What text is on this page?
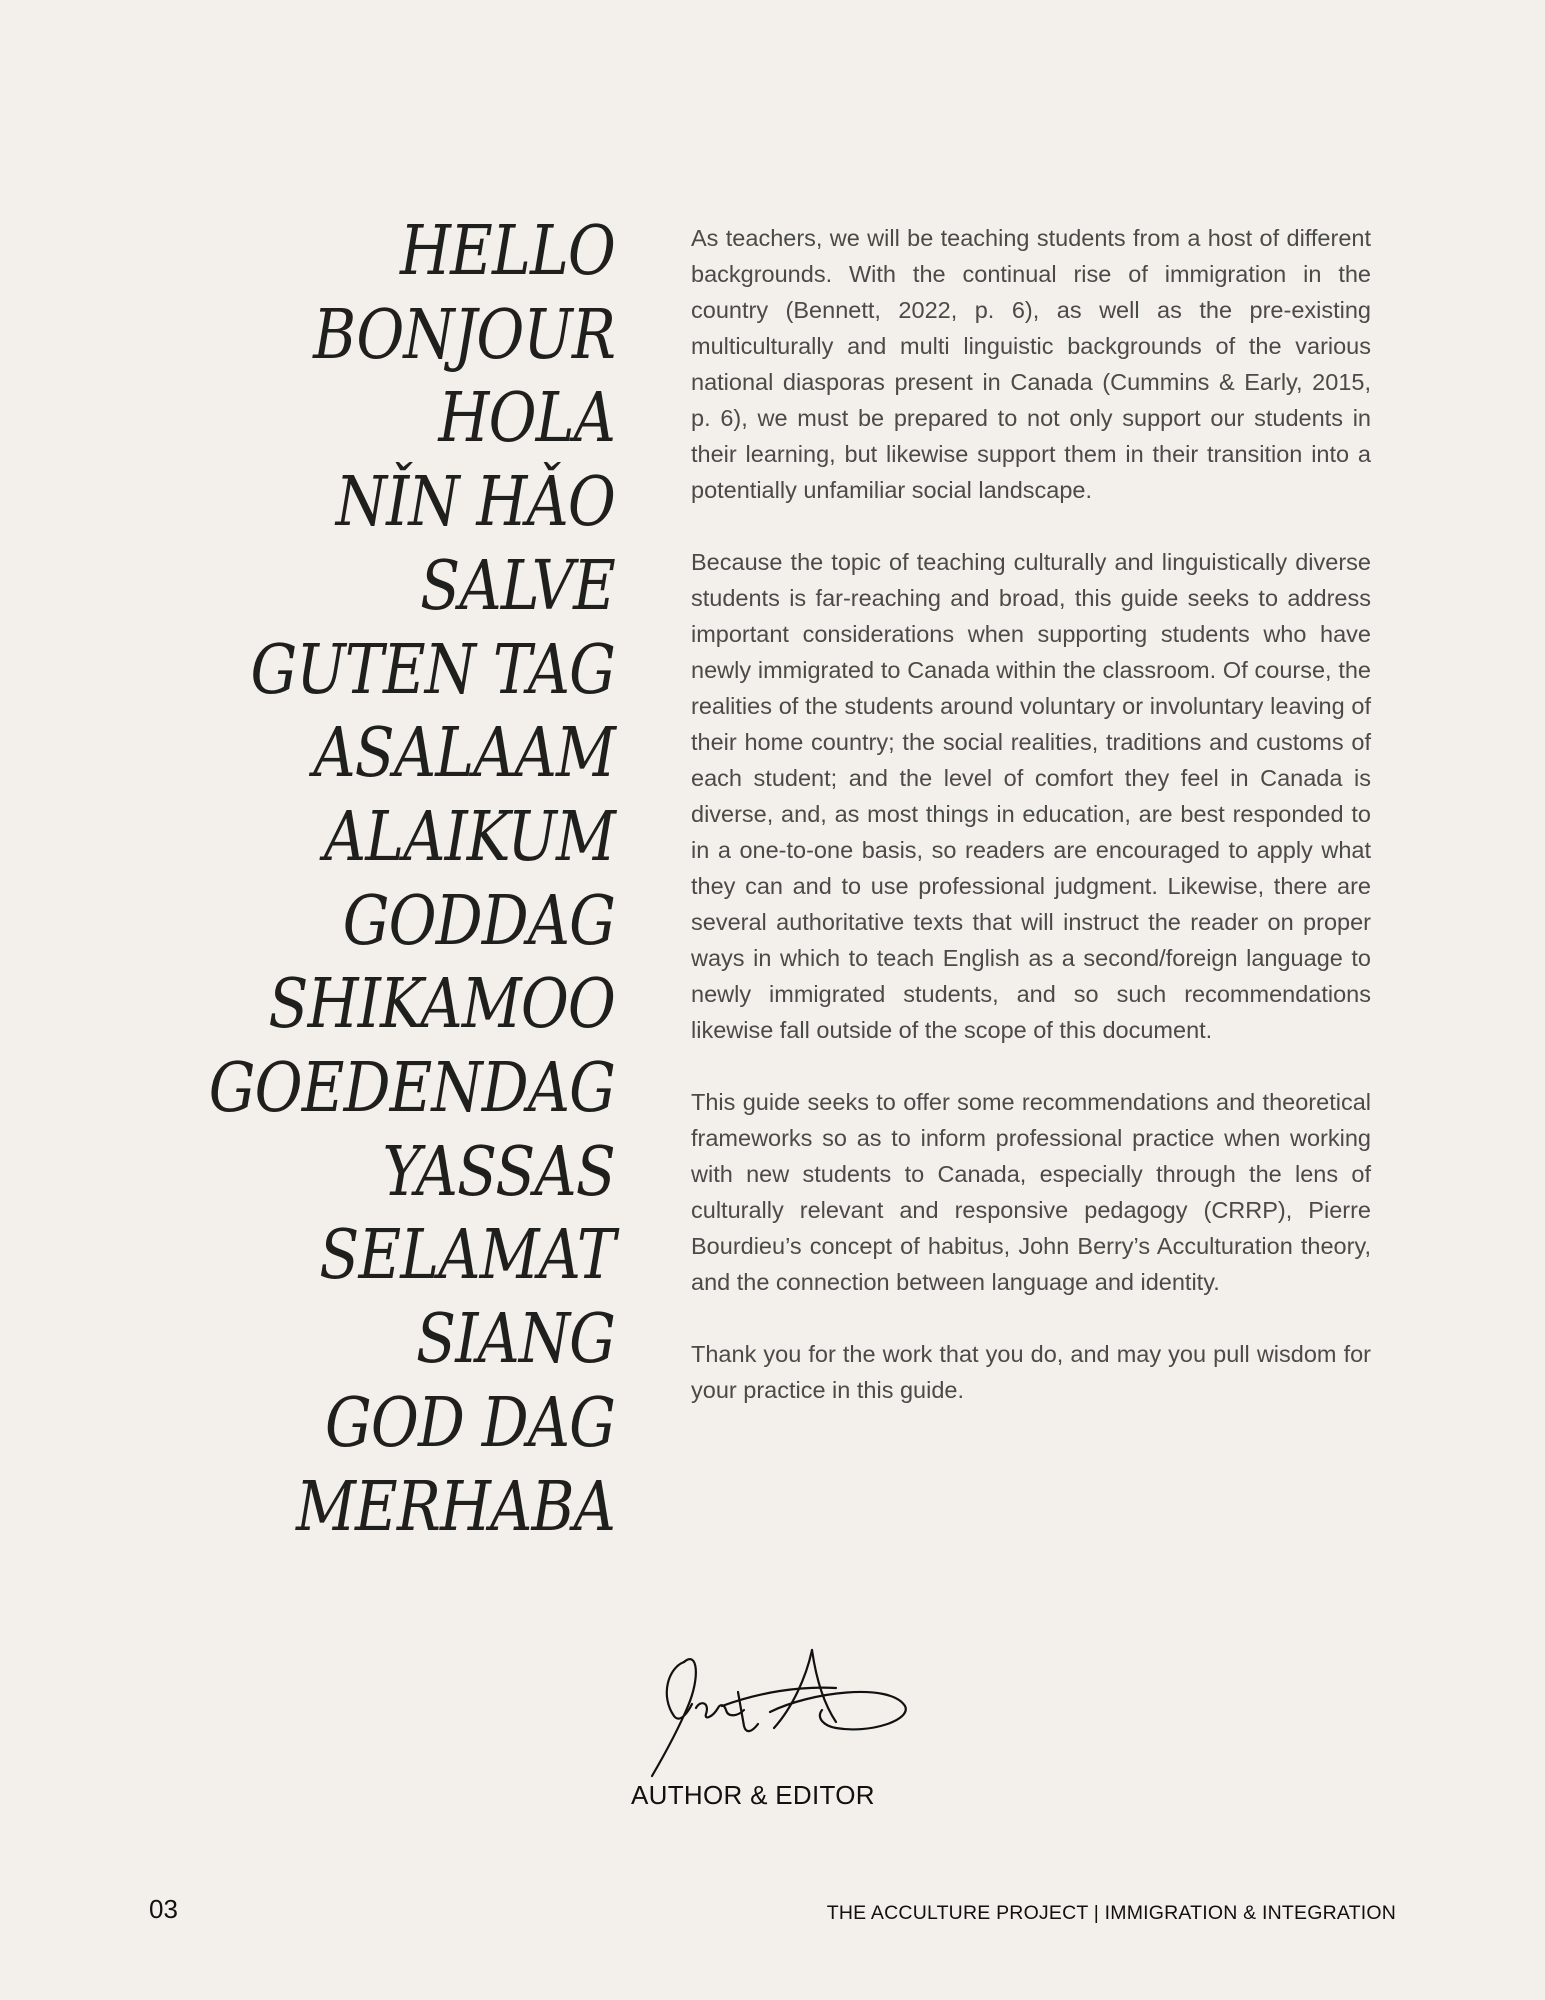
HELLO
BONJOUR
HOLA
NǏN HǍO
SALVE
GUTEN TAG
ASALAAM
ALAIKUM
GODDAG
SHIKAMOO
GOEDENDAG
YASSAS
SELAMAT
SIANG
GOD DAG
MERHABA

As teachers, we will be teaching students from a host of different backgrounds. With the continual rise of immigration in the country (Bennett, 2022, p. 6), as well as the pre-existing multiculturally and multi linguistic backgrounds of the various national diasporas present in Canada (Cummins & Early, 2015, p. 6), we must be prepared to not only support our students in their learning, but likewise support them in their transition into a potentially unfamiliar social landscape.

Because the topic of teaching culturally and linguistically diverse students is far-reaching and broad, this guide seeks to address important considerations when supporting students who have newly immigrated to Canada within the classroom. Of course, the realities of the students around voluntary or involuntary leaving of their home country; the social realities, traditions and customs of each student; and the level of comfort they feel in Canada is diverse, and, as most things in education, are best responded to in a one-to-one basis, so readers are encouraged to apply what they can and to use professional judgment. Likewise, there are several authoritative texts that will instruct the reader on proper ways in which to teach English as a second/foreign language to newly immigrated students, and so such recommendations likewise fall outside of the scope of this document.

This guide seeks to offer some recommendations and theoretical frameworks so as to inform professional practice when working with new students to Canada, especially through the lens of culturally relevant and responsive pedagogy (CRRP), Pierre Bourdieu’s concept of habitus, John Berry’s Acculturation theory, and the connection between language and identity.

Thank you for the work that you do, and may you pull wisdom for your practice in this guide.

AUTHOR & EDITOR
03	THE ACCULTURE PROJECT | IMMIGRATION & INTEGRATION
